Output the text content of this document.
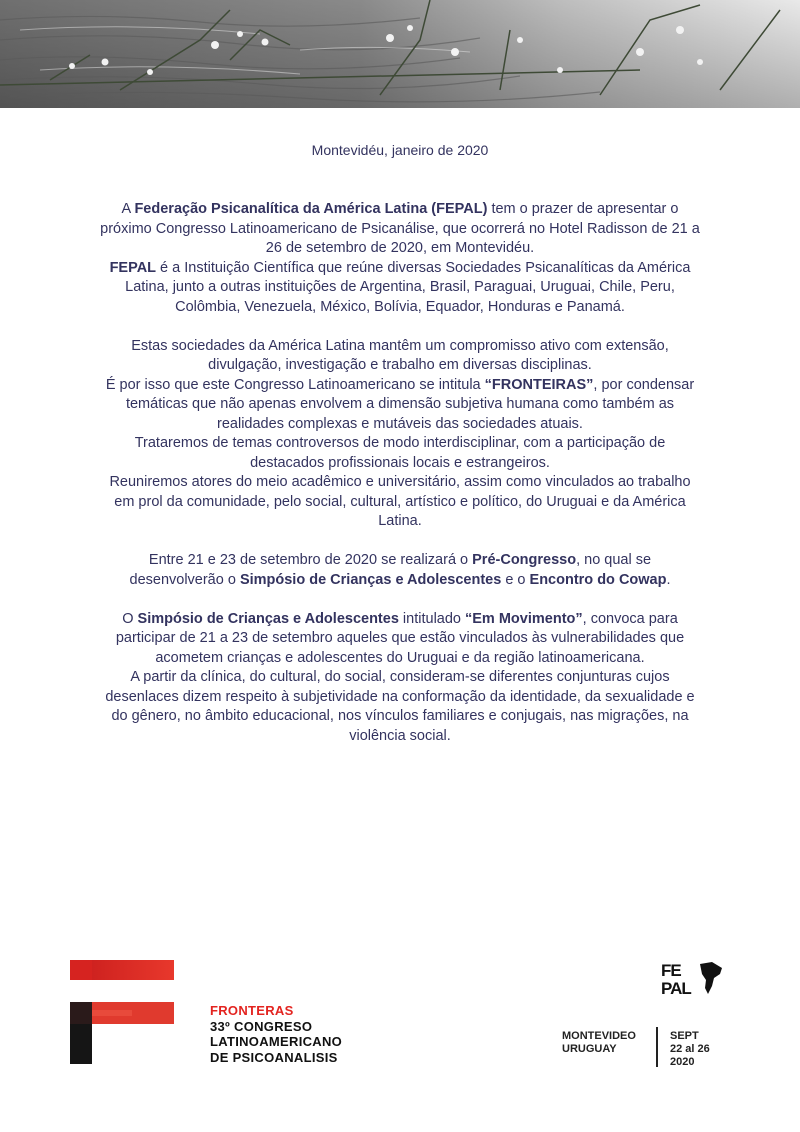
Montevidéu, janeiro de 2020

A Federação Psicanalítica da América Latina (FEPAL) tem o prazer de apresentar o próximo Congresso Latinoamericano de Psicanálise, que ocorrerá no Hotel Radisson de 21 a 26 de setembro de 2020, em Montevidéu.
FEPAL é a Instituição Científica que reúne diversas Sociedades Psicanalíticas da América Latina, junto a outras instituições de Argentina, Brasil, Paraguai, Uruguai, Chile, Peru, Colômbia, Venezuela, México, Bolívia, Equador, Honduras e Panamá.

Estas sociedades da América Latina mantêm um compromisso ativo com extensão, divulgação, investigação e trabalho em diversas disciplinas.
É por isso que este Congresso Latinoamericano se intitula “FRONTEIRAS”, por condensar temáticas que não apenas envolvem a dimensão subjetiva humana como também as realidades complexas e mutáveis das sociedades atuais.
Trataremos de temas controversos de modo interdisciplinar, com a participação de destacados profissionais locais e estrangeiros.
Reuniremos atores do meio acadêmico e universitário, assim como vinculados ao trabalho em prol da comunidade, pelo social, cultural, artístico e político, do Uruguai e da América Latina.

Entre 21 e 23 de setembro de 2020 se realizará o Pré-Congresso, no qual se desenvolverão o Simpósio de Crianças e Adolescentes e o Encontro do Cowap.

O Simpósio de Crianças e Adolescentes intitulado “Em Movimento”, convoca para participar de 21 a 23 de setembro aqueles que estão vinculados às vulnerabilidades que acometem crianças e adolescentes do Uruguai e da região latinoamericana.
A partir da clínica, do cultural, do social, consideram-se diferentes conjunturas cujos desenlaces dizem respeito à subjetividade na conformação da identidade, da sexualidade e do gênero, no âmbito educacional, nos vínculos familiares e conjugais, nas migrações, na violência social.

FRONTERAS
33º CONGRESO
LATINOAMERICANO
DE PSICOANALISIS
FE
PAL
MONTEVIDEO
URUGUAY
SEPT
22 al 26
2020
